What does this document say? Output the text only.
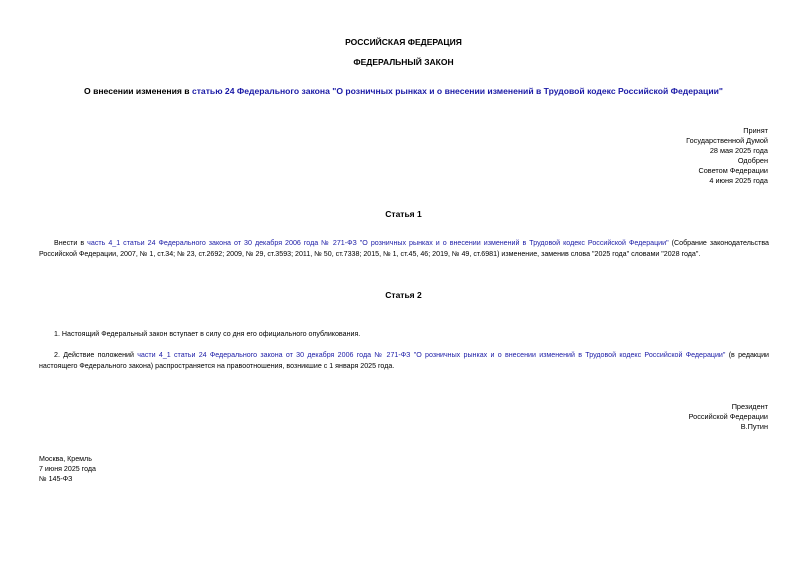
РОССИЙСКАЯ ФЕДЕРАЦИЯ
ФЕДЕРАЛЬНЫЙ ЗАКОН
О внесении изменения в статью 24 Федерального закона "О розничных рынках и о внесении изменений в Трудовой кодекс Российской Федерации"
Принят
Государственной Думой
28 мая 2025 года
Одобрен
Советом Федерации
4 июня 2025 года
Статья 1
Внести в часть 4_1 статьи 24 Федерального закона от 30 декабря 2006 года № 271-ФЗ "О розничных рынках и о внесении изменений в Трудовой кодекс Российской Федерации" (Собрание законодательства Российской Федерации, 2007, № 1, ст.34; № 23, ст.2692; 2009, № 29, ст.3593; 2011, № 50, ст.7338; 2015, № 1, ст.45, 46; 2019, № 49, ст.6981) изменение, заменив слова "2025 года" словами "2028 года".
Статья 2
1. Настоящий Федеральный закон вступает в силу со дня его официального опубликования.
2. Действие положений части 4_1 статьи 24 Федерального закона от 30 декабря 2006 года № 271-ФЗ "О розничных рынках и о внесении изменений в Трудовой кодекс Российской Федерации" (в редакции настоящего Федерального закона) распространяется на правоотношения, возникшие с 1 января 2025 года.
Президент
Российской Федерации
В.Путин
Москва, Кремль
7 июня 2025 года
№ 145-ФЗ
